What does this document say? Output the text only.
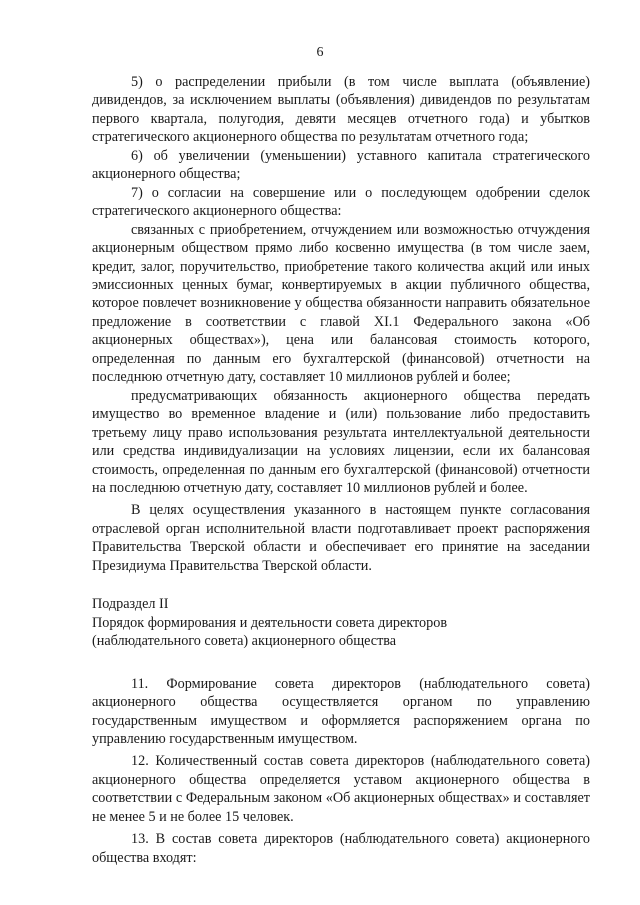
6

5) о распределении прибыли (в том числе выплата (объявление) дивидендов, за исключением выплаты (объявления) дивидендов по результатам первого квартала, полугодия, девяти месяцев отчетного года) и убытков стратегического акционерного общества по результатам отчетного года;

6) об увеличении (уменьшении) уставного капитала стратегического акционерного общества;

7) о согласии на совершение или о последующем одобрении сделок стратегического акционерного общества:

связанных с приобретением, отчуждением или возможностью отчуждения акционерным обществом прямо либо косвенно имущества (в том числе заем, кредит, залог, поручительство, приобретение такого количества акций или иных эмиссионных ценных бумаг, конвертируемых в акции публичного общества, которое повлечет возникновение у общества обязанности направить обязательное предложение в соответствии с главой XI.1 Федерального закона «Об акционерных обществах»), цена или балансовая стоимость которого, определенная по данным его бухгалтерской (финансовой) отчетности на последнюю отчетную дату, составляет 10 миллионов рублей и более;

предусматривающих обязанность акционерного общества передать имущество во временное владение и (или) пользование либо предоставить третьему лицу право использования результата интеллектуальной деятельности или средства индивидуализации на условиях лицензии, если их балансовая стоимость, определенная по данным его бухгалтерской (финансовой) отчетности на последнюю отчетную дату, составляет 10 миллионов рублей и более.

В целях осуществления указанного в настоящем пункте согласования отраслевой орган исполнительной власти подготавливает проект распоряжения Правительства Тверской области и обеспечивает его принятие на заседании Президиума Правительства Тверской области.

Подраздел II

Порядок формирования и деятельности совета директоров

(наблюдательного совета) акционерного общества

11. Формирование совета директоров (наблюдательного совета) акционерного общества осуществляется органом по управлению государственным имуществом и оформляется распоряжением органа по управлению государственным имуществом.

12. Количественный состав совета директоров (наблюдательного совета) акционерного общества определяется уставом акционерного общества в соответствии с Федеральным законом «Об акционерных обществах» и составляет не менее 5 и не более 15 человек.

13. В состав совета директоров (наблюдательного совета) акционерного общества входят:
